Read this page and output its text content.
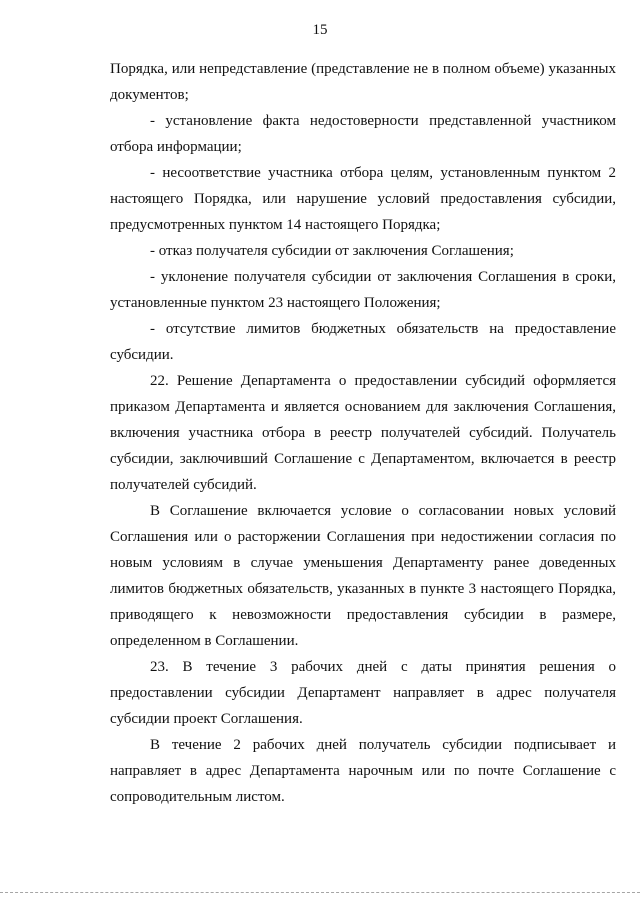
15

Порядка, или непредставление (представление не в полном объеме) указанных документов;

- установление факта недостоверности представленной участником отбора информации;

- несоответствие участника отбора целям, установленным пунктом 2 настоящего Порядка, или нарушение условий предоставления субсидии, предусмотренных пунктом 14 настоящего Порядка;

- отказ получателя субсидии от заключения Соглашения;

- уклонение получателя субсидии от заключения Соглашения в сроки, установленные пунктом 23 настоящего Положения;

- отсутствие лимитов бюджетных обязательств на предоставление субсидии.

22. Решение Департамента о предоставлении субсидий оформляется приказом Департамента и является основанием для заключения Соглашения, включения участника отбора в реестр получателей субсидий. Получатель субсидии, заключивший Соглашение с Департаментом, включается в реестр получателей субсидий.

В Соглашение включается условие о согласовании новых условий Соглашения или о расторжении Соглашения при недостижении согласия по новым условиям в случае уменьшения Департаменту ранее доведенных лимитов бюджетных обязательств, указанных в пункте 3 настоящего Порядка, приводящего к невозможности предоставления субсидии в размере, определенном в Соглашении.

23. В течение 3 рабочих дней с даты принятия решения о предоставлении субсидии Департамент направляет в адрес получателя субсидии проект Соглашения.

В течение 2 рабочих дней получатель субсидии подписывает и направляет в адрес Департамента нарочным или по почте Соглашение с сопроводительным листом.
